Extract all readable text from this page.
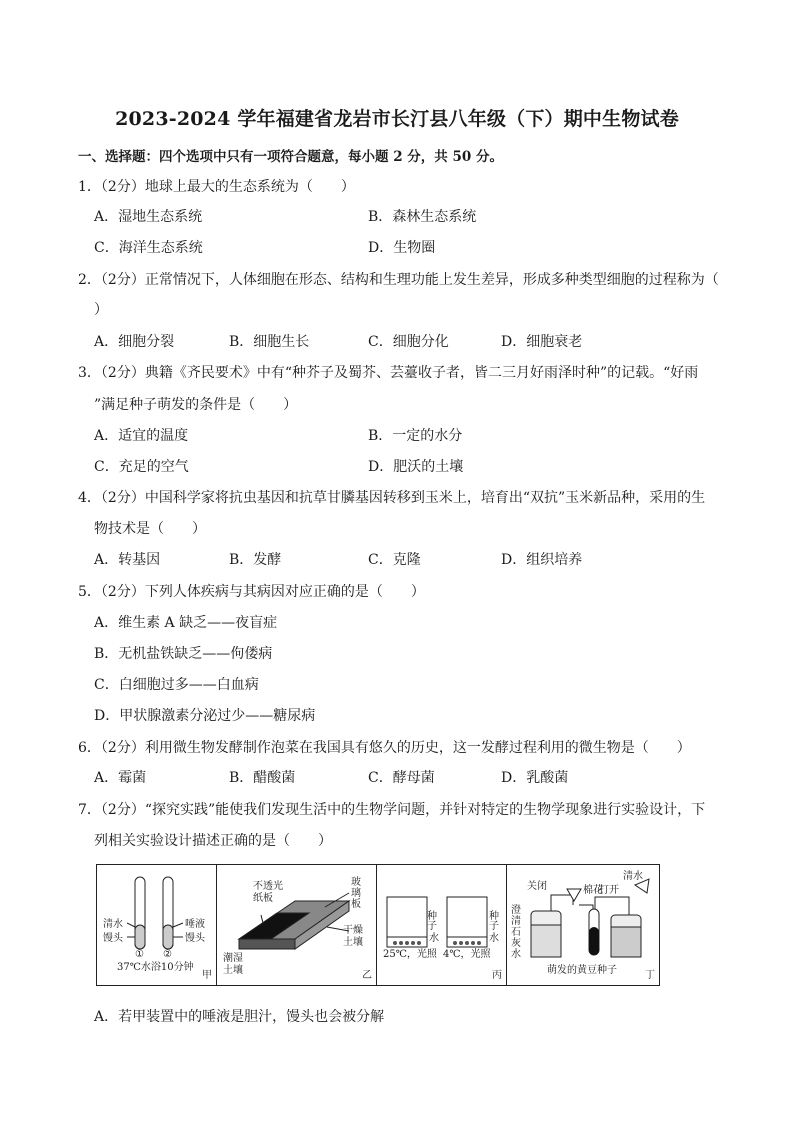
2023-2024 学年福建省龙岩市长汀县八年级（下）期中生物试卷
一、选择题：四个选项中只有一项符合题意，每小题 2 分，共 50 分。
1．（2分）地球上最大的生态系统为（　　）
A．湿地生态系统	B．森林生态系统
C．海洋生态系统	D．生物圈
2．（2分）正常情况下，人体细胞在形态、结构和生理功能上发生差异，形成多种类型细胞的过程称为（
）
A．细胞分裂	B．细胞生长	C．细胞分化	D．细胞衰老
3．（2分）典籍《齐民要术》中有“种芥子及蜀芥、芸薹收子者，皆二三月好雨泽时种”的记载。“好雨
”满足种子萌发的条件是（　　）
A．适宜的温度	B．一定的水分
C．充足的空气	D．肥沃的土壤
4．（2分）中国科学家将抗虫基因和抗草甘膦基因转移到玉米上，培育出“双抗”玉米新品种，采用的生
物技术是（　　）
A．转基因	B．发酵	C．克隆	D．组织培养
5．（2分）下列人体疾病与其病因对应正确的是（　　）
A．维生素 A 缺乏——夜盲症
B．无机盐铁缺乏——佝偻病
C．白细胞过多——白血病
D．甲状腺激素分泌过少——糖尿病
6．（2分）利用微生物发酵制作泡菜在我国具有悠久的历史，这一发酵过程利用的微生物是（　　）
A．霉菌	B．醋酸菌	C．酵母菌	D．乳酸菌
7．（2分）“探究实践”能使我们发现生活中的生物学问题，并针对特定的生物学现象进行实验设计，下
列相关实验设计描述正确的是（　　）
清水
馒头
唾液
馒头
① ②
37℃水浴10分钟
甲
不透光
纸板
玻
璃
板
干燥
土壤
潮湿
土壤	乙
种
子
水
种
子
水
25℃，光照 4℃，光照
丙
关闭	棉花
打开
清水
澄
清
石
灰
水
萌发的黄豆种子	丁
A．若甲装置中的唾液是胆汁，馒头也会被分解
